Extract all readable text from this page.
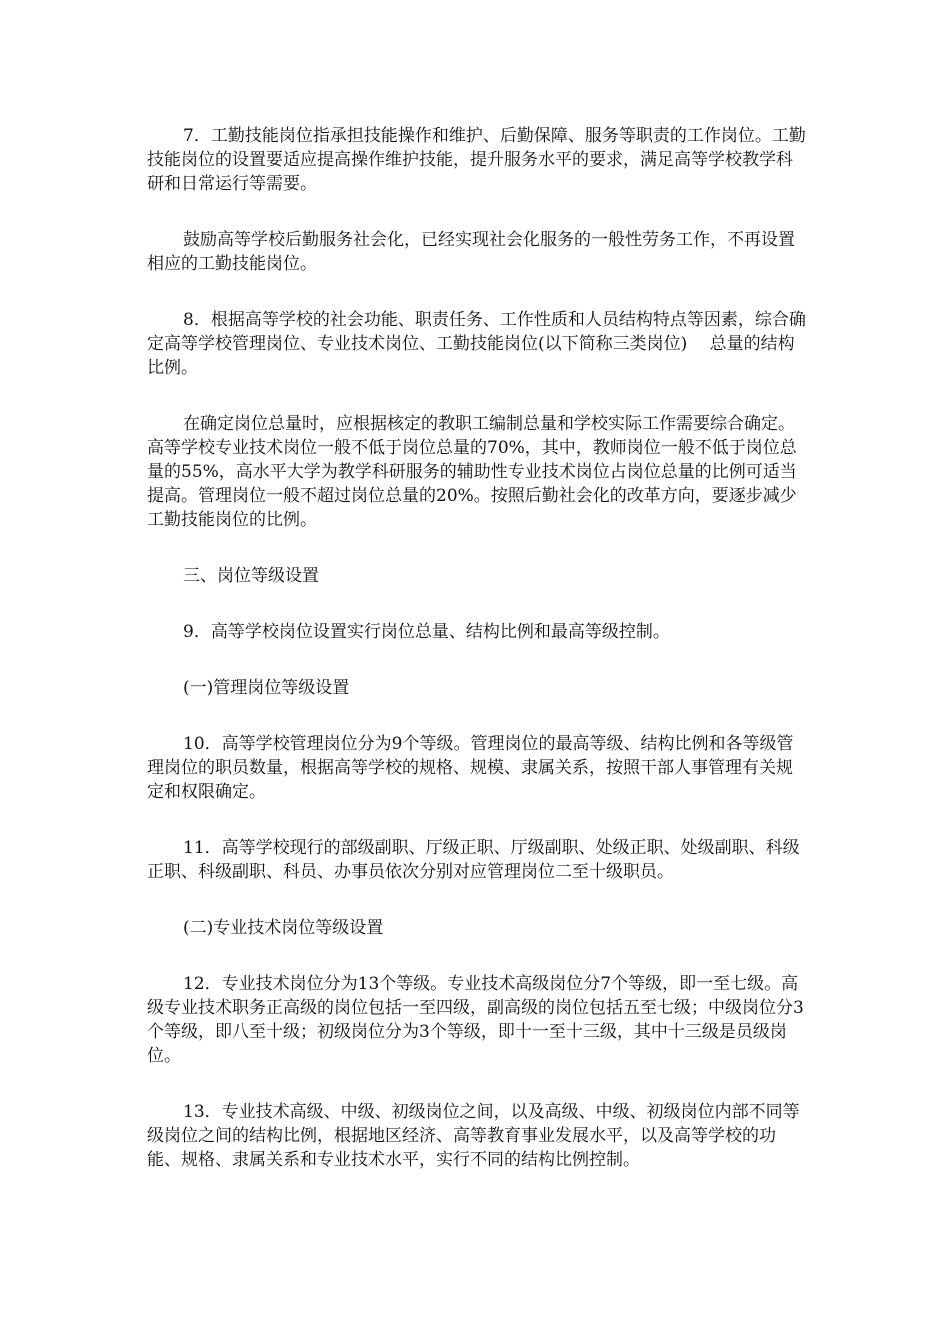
7．工勤技能岗位指承担技能操作和维护、后勤保障、服务等职责的工作岗位。工勤技能岗位的设置要适应提高操作维护技能，提升服务水平的要求，满足高等学校教学科研和日常运行等需要。

鼓励高等学校后勤服务社会化，已经实现社会化服务的一般性劳务工作，不再设置相应的工勤技能岗位。

8．根据高等学校的社会功能、职责任务、工作性质和人员结构特点等因素，综合确定高等学校管理岗位、专业技术岗位、工勤技能岗位(以下简称三类岗位)　 总量的结构比例。

在确定岗位总量时，应根据核定的教职工编制总量和学校实际工作需要综合确定。高等学校专业技术岗位一般不低于岗位总量的70%，其中，教师岗位一般不低于岗位总量的55%，高水平大学为教学科研服务的辅助性专业技术岗位占岗位总量的比例可适当提高。管理岗位一般不超过岗位总量的20%。按照后勤社会化的改革方向，要逐步减少工勤技能岗位的比例。

三、岗位等级设置

9．高等学校岗位设置实行岗位总量、结构比例和最高等级控制。

(一)管理岗位等级设置

10．高等学校管理岗位分为9个等级。管理岗位的最高等级、结构比例和各等级管理岗位的职员数量，根据高等学校的规格、规模、隶属关系，按照干部人事管理有关规定和权限确定。

11．高等学校现行的部级副职、厅级正职、厅级副职、处级正职、处级副职、科级正职、科级副职、科员、办事员依次分别对应管理岗位二至十级职员。

(二)专业技术岗位等级设置

12．专业技术岗位分为13个等级。专业技术高级岗位分7个等级，即一至七级。高级专业技术职务正高级的岗位包括一至四级，副高级的岗位包括五至七级；中级岗位分3个等级，即八至十级；初级岗位分为3个等级，即十一至十三级，其中十三级是员级岗位。

13．专业技术高级、中级、初级岗位之间，以及高级、中级、初级岗位内部不同等级岗位之间的结构比例，根据地区经济、高等教育事业发展水平，以及高等学校的功能、规格、隶属关系和专业技术水平，实行不同的结构比例控制。
